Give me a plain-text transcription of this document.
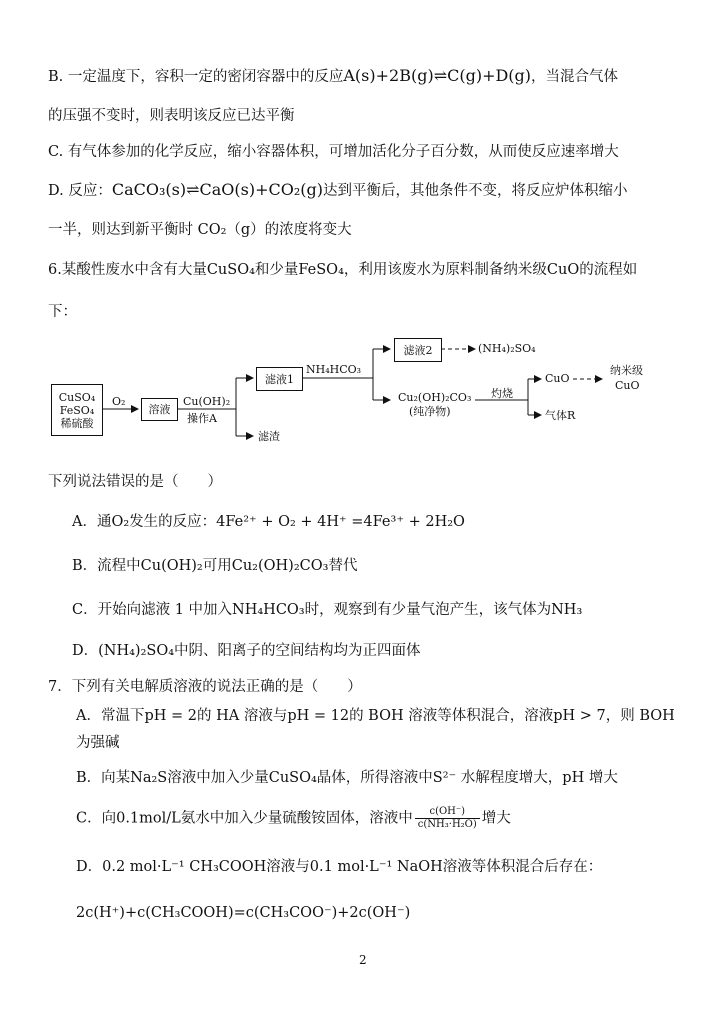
B. 一定温度下，容积一定的密闭容器中的反应A(s)+2B(g)⇌C(g)+D(g)，当混合气体
的压强不变时，则表明该反应已达平衡
C. 有气体参加的化学反应，缩小容器体积，可增加活化分子百分数，从而使反应速率增大
D. 反应：CaCO₃(s)⇌CaO(s)+CO₂(g)达到平衡后，其他条件不变，将反应炉体积缩小
一半，则达到新平衡时 CO₂（g）的浓度将变大
6.某酸性废水中含有大量CuSO₄和少量FeSO₄，利用该废水为原料制备纳米级CuO的流程如
下：
CuSO₄
FeSO₄
稀硫酸
O₂
溶液
Cu(OH)₂
操作A
滤液1
滤渣
NH₄HCO₃
滤液2	(NH₄)₂SO₄
Cu₂(OH)₂CO₃
(纯净物)
灼烧
CuO
气体R
纳米级
CuO
下列说法错误的是（　　）
A．通O₂发生的反应：4Fe²⁺ + O₂ + 4H⁺ =4Fe³⁺ + 2H₂O
B．流程中Cu(OH)₂可用Cu₂(OH)₂CO₃替代
C．开始向滤液 1 中加入NH₄HCO₃时，观察到有少量气泡产生，该气体为NH₃
D．(NH₄)₂SO₄中阴、阳离子的空间结构均为正四面体
7．下列有关电解质溶液的说法正确的是（　　）
A．常温下pH = 2的 HA 溶液与pH = 12的 BOH 溶液等体积混合，溶液pH > 7，则 BOH
为强碱
B．向某Na₂S溶液中加入少量CuSO₄晶体，所得溶液中S²⁻ 水解程度增大，pH 增大
C．向0.1mol/L氨水中加入少量硫酸铵固体，溶液中 $\frac{c(OH^-)}{\text{c(NH₃·H₂O)}}$ 增大
D．0.2 mol·L⁻¹ CH₃COOH溶液与0.1 mol·L⁻¹ NaOH溶液等体积混合后存在：
2c(H⁺)+c(CH₃COOH)=c(CH₃COO⁻)+2c(OH⁻)
2
